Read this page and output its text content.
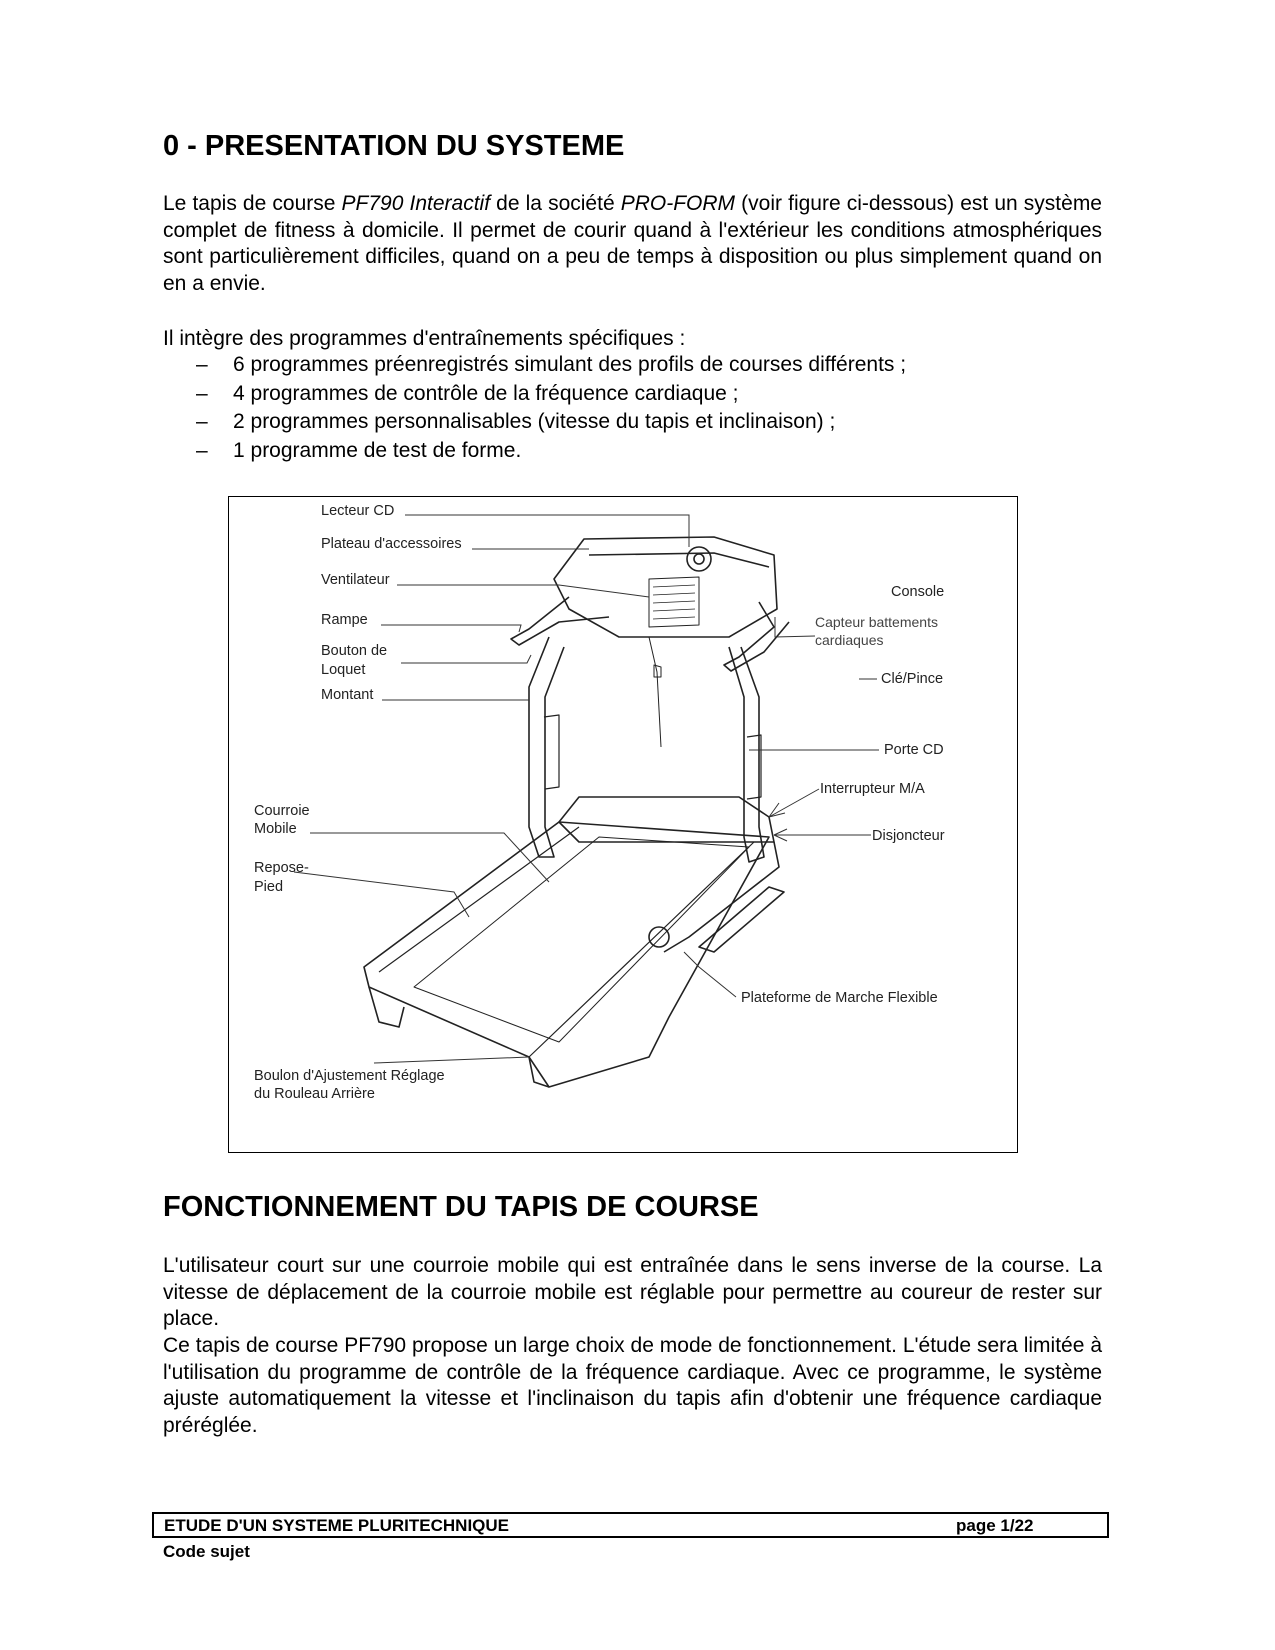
0 - PRESENTATION DU SYSTEME

Le tapis de course PF790 Interactif de la société PRO-FORM (voir figure ci-dessous) est un système complet de fitness à domicile. Il permet de courir quand à l'extérieur les conditions atmosphériques sont particulièrement difficiles, quand on a peu de temps à disposition ou plus simplement quand on en a envie.

Il intègre des programmes d'entraînements spécifiques :

–	6 programmes préenregistrés simulant des profils de courses différents ;
–	4 programmes de contrôle de la fréquence cardiaque ;
–	2 programmes personnalisables (vitesse du tapis et inclinaison) ;
–	1 programme de test de forme.
Lecteur CD
Plateau d'accessoires
Ventilateur
Rampe
Bouton de
Loquet
Montant
Courroie
Mobile
Repose-
Pied
Boulon d'Ajustement Réglage
du Rouleau Arrière
Console
Capteur battements
cardiaques
Clé/Pince
Porte CD
Interrupteur M/A
Disjoncteur
Plateforme de Marche Flexible
FONCTIONNEMENT DU TAPIS DE COURSE

L'utilisateur court sur une courroie mobile qui est entraînée dans le sens inverse de la course. La vitesse de déplacement de la courroie mobile est réglable pour permettre au coureur de rester sur place.

Ce tapis de course PF790 propose un large choix de mode de fonctionnement. L'étude sera limitée à l'utilisation du programme de contrôle de la fréquence cardiaque. Avec ce programme, le système ajuste automatiquement la vitesse et l'inclinaison du tapis afin d'obtenir une fréquence cardiaque préréglée.

ETUDE D'UN SYSTEME PLURITECHNIQUE	page 1/22
Code sujet
